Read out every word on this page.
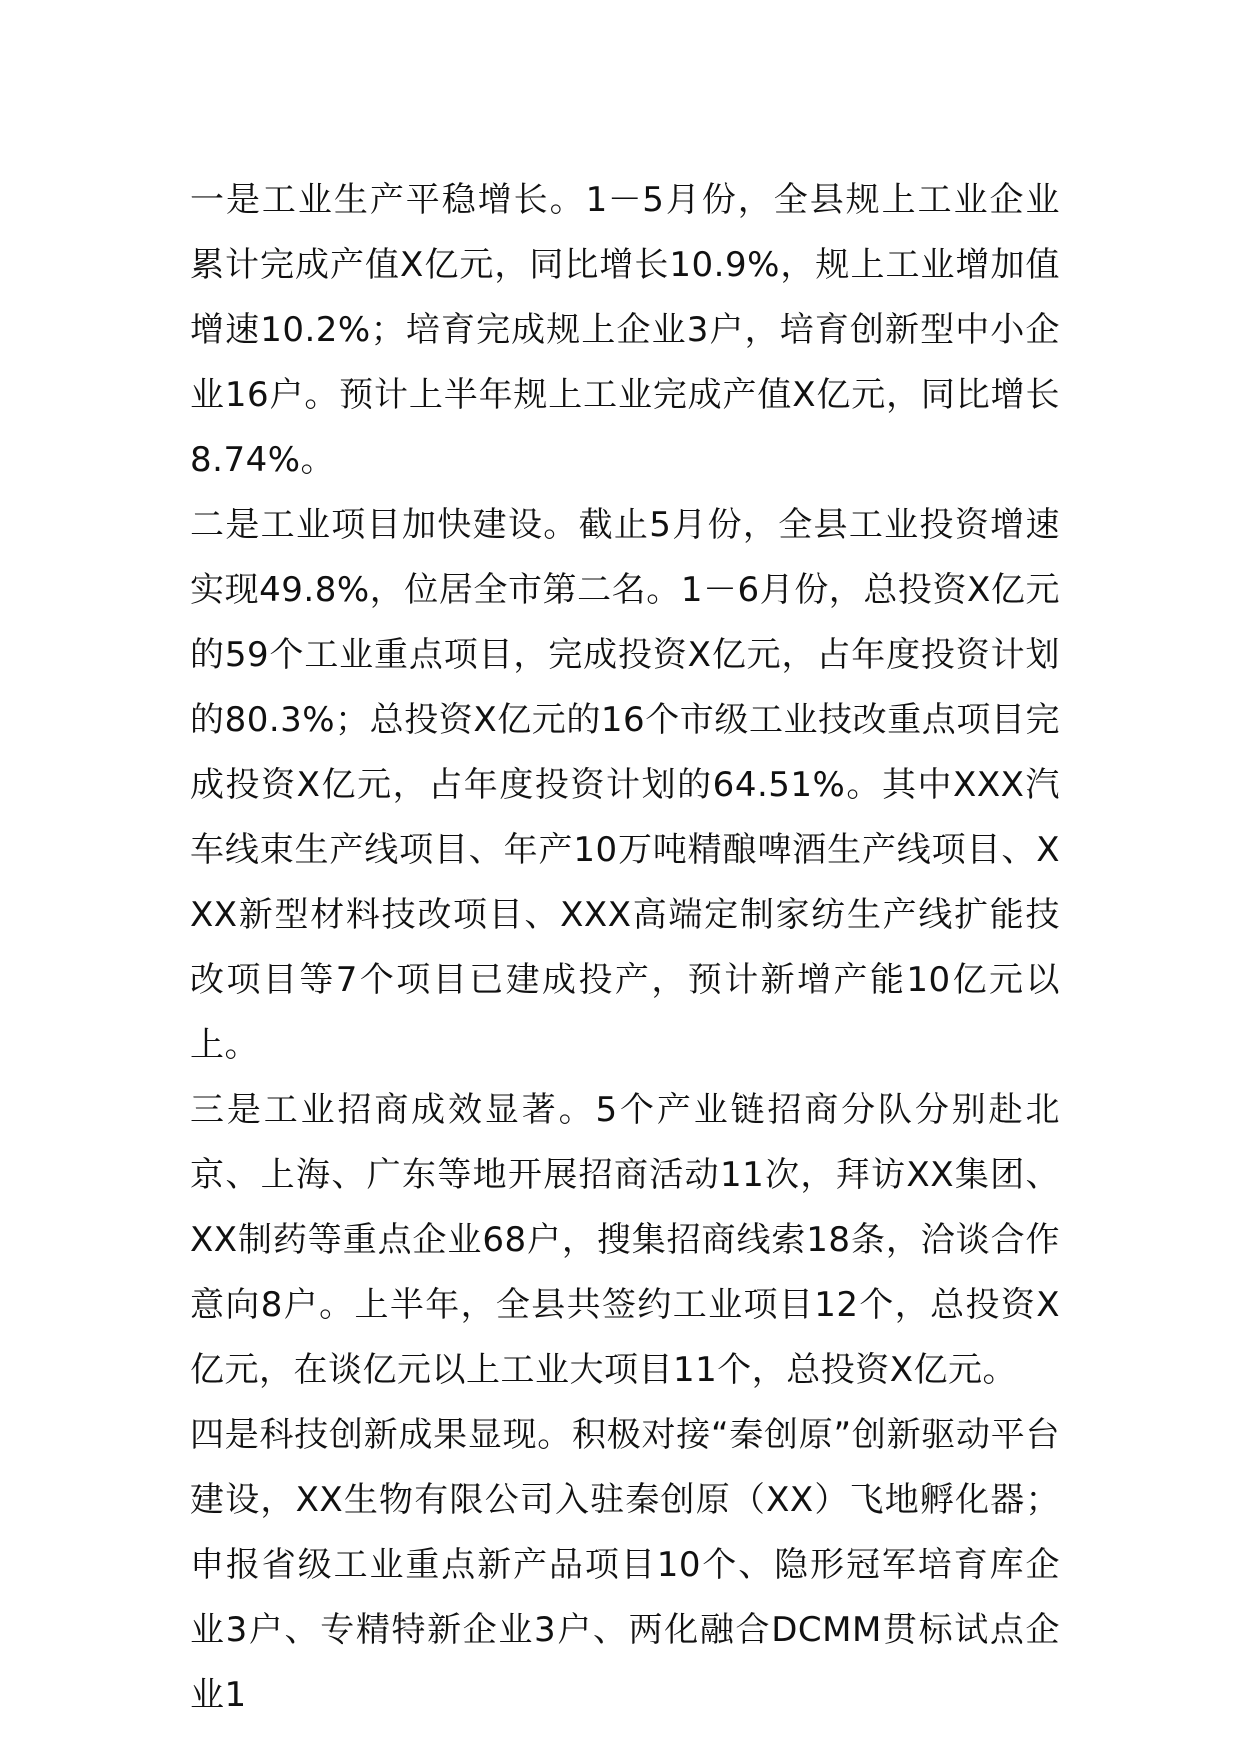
一是工业生产平稳增长。1－5月份，全县规上工业企业累计完成产值X亿元，同比增长10.9%，规上工业增加值增速10.2%；培育完成规上企业3户，培育创新型中小企业16户。预计上半年规上工业完成产值X亿元，同比增长8.74%。

二是工业项目加快建设。截止5月份，全县工业投资增速实现49.8%，位居全市第二名。1－6月份，总投资X亿元的59个工业重点项目，完成投资X亿元，占年度投资计划的80.3%；总投资X亿元的16个市级工业技改重点项目完成投资X亿元，占年度投资计划的64.51%。其中XXX汽车线束生产线项目、年产10万吨精酿啤酒生产线项目、XXX新型材料技改项目、XXX高端定制家纺生产线扩能技改项目等7个项目已建成投产，预计新增产能10亿元以上。

三是工业招商成效显著。5个产业链招商分队分别赴北京、上海、广东等地开展招商活动11次，拜访XX集团、XX制药等重点企业68户，搜集招商线索18条，洽谈合作意向8户。上半年，全县共签约工业项目12个，总投资X亿元，在谈亿元以上工业大项目11个，总投资X亿元。

四是科技创新成果显现。积极对接“秦创原”创新驱动平台建设，XX生物有限公司入驻秦创原（XX）飞地孵化器；申报省级工业重点新产品项目10个、隐形冠军培育库企业3户、专精特新企业3户、两化融合DCMM贯标试点企业1
